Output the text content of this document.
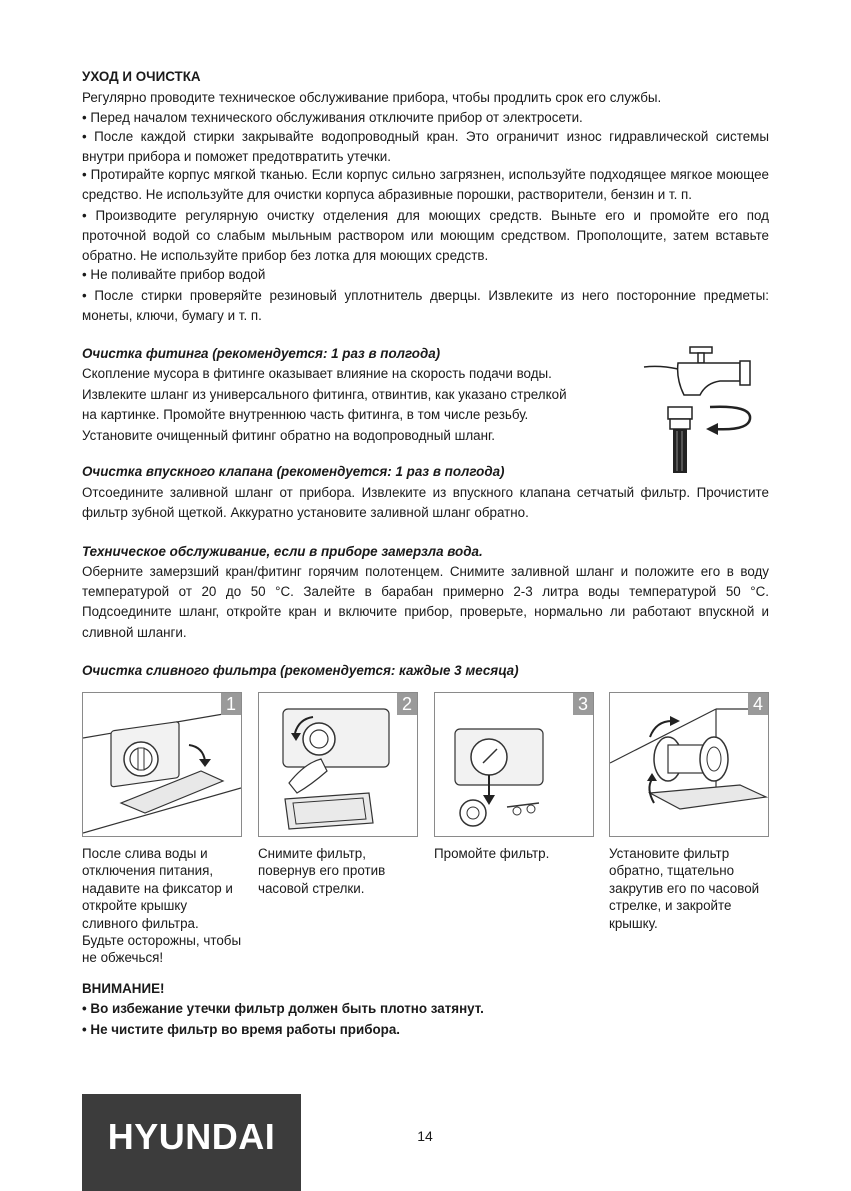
УХОД И ОЧИСТКА

Регулярно проводите техническое обслуживание прибора, чтобы продлить срок его службы.

• Перед началом технического обслуживания отключите прибор от электросети.

• После каждой стирки закрывайте водопроводный кран. Это ограничит износ гидравлической системы внутри прибора и поможет предотвратить утечки.

• Протирайте корпус мягкой тканью. Если корпус сильно загрязнен, используйте подходящее мягкое моющее средство. Не используйте для очистки корпуса абразивные порошки, растворители, бензин и т. п.

• Производите регулярную очистку отделения для моющих средств. Выньте его и промойте его под проточной водой со слабым мыльным раствором или моющим средством. Прополощите, затем вставьте обратно. Не используйте прибор без лотка для моющих средств.

• Не поливайте прибор водой

• После стирки проверяйте резиновый уплотнитель дверцы. Извлеките из него посторонние предметы: монеты, ключи, бумагу и т. п.

Очистка фитинга (рекомендуется: 1 раз в полгода)

Скопление мусора в фитинге оказывает влияние на скорость подачи воды.

Извлеките шланг из универсального фитинга, отвинтив, как указано стрелкой

на картинке. Промойте внутреннюю часть фитинга, в том числе резьбу.

Установите очищенный фитинг обратно на водопроводный шланг.

Очистка впускного клапана (рекомендуется: 1 раз в полгода)

Отсоедините заливной шланг от прибора. Извлеките из впускного клапана сетчатый фильтр. Прочистите фильтр зубной щеткой. Аккуратно установите заливной шланг обратно.

Техническое обслуживание, если в приборе замерзла вода.

Оберните замерзший кран/фитинг горячим полотенцем. Снимите заливной шланг и положите его в воду температурой от 20 до 50 °C. Залейте в барабан примерно 2-3 литра воды температурой 50 °C. Подсоедините шланг, откройте кран и включите прибор, проверьте, нормально ли работают впускной и сливной шланги.

Очистка сливного фильтра (рекомендуется: каждые 3 месяца)

1	2	3	4

После слива воды и отключения питания, надавите на фиксатор и откройте крышку сливного фильтра. Будьте осторожны, чтобы не обжечься!

Снимите фильтр, повернув его против часовой стрелки.

Промойте фильтр.	Установите фильтр обратно, тщательно закрутив его по часовой стрелке, и закройте крышку.

ВНИМАНИЕ!

• Во избежание утечки фильтр должен быть плотно затянут.

• Не чистите фильтр во время работы прибора.

HYUNDAI	14
